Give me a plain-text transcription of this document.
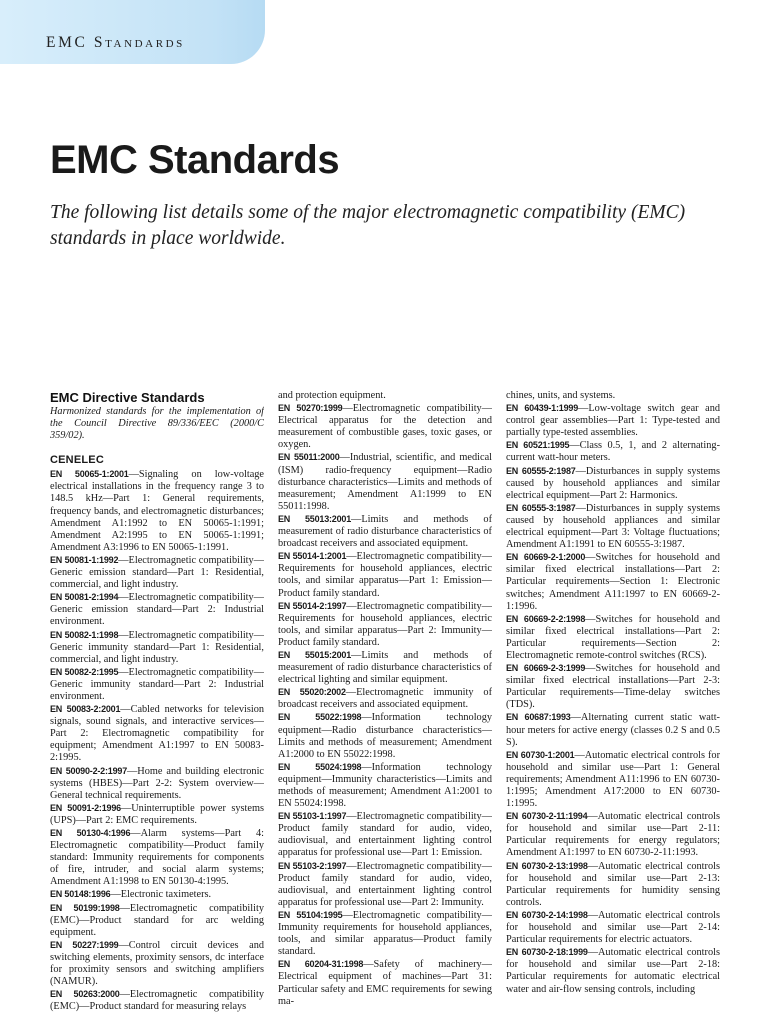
EMC Standards
EMC Standards

The following list details some of the major electromagnetic compatibility (EMC) standards in place worldwide.

EMC Directive Standards
Harmonized standards for the implementation of the Council Directive 89/336/EEC (2000/C 359/02).
CENELEC

EN 50065-1:2001—Signaling on low-voltage electrical installations in the frequency range 3 to 148.5 kHz—Part 1: General requirements, frequency bands, and electromagnetic disturbances; Amendment A1:1992 to EN 50065-1:1991; Amendment A2:1995 to EN 50065-1:1991; Amendment A3:1996 to EN 50065-1:1991.

EN 50081-1:1992—Electromagnetic compatibility—Generic emission standard—Part 1: Residential, commercial, and light industry.

EN 50081-2:1994—Electromagnetic compatibility—Generic emission standard—Part 2: Industrial environment.

EN 50082-1:1998—Electromagnetic compatibility—Generic immunity standard—Part 1: Residential, commercial, and light industry.

EN 50082-2:1995—Electromagnetic compatibility—Generic immunity standard—Part 2: Industrial environment.

EN 50083-2:2001—Cabled networks for television signals, sound signals, and interactive services—Part 2: Electromagnetic compatibility for equipment; Amendment A1:1997 to EN 50083-2:1995.

EN 50090-2-2:1997—Home and building electronic systems (HBES)—Part 2-2: System overview—General technical requirements.

EN 50091-2:1996—Uninterruptible power systems (UPS)—Part 2: EMC requirements.

EN 50130-4:1996—Alarm systems—Part 4: Electromagnetic compatibility—Product family standard: Immunity requirements for components of fire, intruder, and social alarm systems; Amendment A1:1998 to EN 50130-4:1995.

EN 50148:1996—Electronic taximeters.

EN 50199:1998—Electromagnetic compatibility (EMC)—Product standard for arc welding equipment.

EN 50227:1999—Control circuit devices and switching elements, proximity sensors, dc interface for proximity sensors and switching amplifiers (NAMUR).

EN 50263:2000—Electromagnetic compatibility (EMC)—Product standard for measuring relays

and protection equipment.

EN 50270:1999—Electromagnetic compatibility—Electrical apparatus for the detection and measurement of combustible gases, toxic gases, or oxygen.

EN 55011:2000—Industrial, scientific, and medical (ISM) radio-frequency equipment—Radio disturbance characteristics—Limits and methods of measurement; Amendment A1:1999 to EN 55011:1998.

EN 55013:2001—Limits and methods of measurement of radio disturbance characteristics of broadcast receivers and associated equipment.

EN 55014-1:2001—Electromagnetic compatibility—Requirements for household appliances, electric tools, and similar apparatus—Part 1: Emission—Product family standard.

EN 55014-2:1997—Electromagnetic compatibility—Requirements for household appliances, electric tools, and similar apparatus—Part 2: Immunity—Product family standard.

EN 55015:2001—Limits and methods of measurement of radio disturbance characteristics of electrical lighting and similar equipment.

EN 55020:2002—Electromagnetic immunity of broadcast receivers and associated equipment.

EN 55022:1998—Information technology equipment—Radio disturbance characteristics—Limits and methods of measurement; Amendment A1:2000 to EN 55022:1998.

EN 55024:1998—Information technology equipment—Immunity characteristics—Limits and methods of measurement; Amendment A1:2001 to EN 55024:1998.

EN 55103-1:1997—Electromagnetic compatibility—Product family standard for audio, video, audiovisual, and entertainment lighting control apparatus for professional use—Part 1: Emission.

EN 55103-2:1997—Electromagnetic compatibility—Product family standard for audio, video, audiovisual, and entertainment lighting control apparatus for professional use—Part 2: Immunity.

EN 55104:1995—Electromagnetic compatibility—Immunity requirements for household appliances, tools, and similar apparatus—Product family standard.

EN 60204-31:1998—Safety of machinery—Electrical equipment of machines—Part 31: Particular safety and EMC requirements for sewing ma-

chines, units, and systems.

EN 60439-1:1999—Low-voltage switch gear and control gear assemblies—Part 1: Type-tested and partially type-tested assemblies.

EN 60521:1995—Class 0.5, 1, and 2 alternating-current watt-hour meters.

EN 60555-2:1987—Disturbances in supply systems caused by household appliances and similar electrical equipment—Part 2: Harmonics.

EN 60555-3:1987—Disturbances in supply systems caused by household appliances and similar electrical equipment—Part 3: Voltage fluctuations; Amendment A1:1991 to EN 60555-3:1987.

EN 60669-2-1:2000—Switches for household and similar fixed electrical installations—Part 2: Particular requirements—Section 1: Electronic switches; Amendment A11:1997 to EN 60669-2-1:1996.

EN 60669-2-2:1998—Switches for household and similar fixed electrical installations—Part 2: Particular requirements—Section 2: Electromagnetic remote-control switches (RCS).

EN 60669-2-3:1999—Switches for household and similar fixed electrical installations—Part 2-3: Particular requirements—Time-delay switches (TDS).

EN 60687:1993—Alternating current static watt-hour meters for active energy (classes 0.2 S and 0.5 S).

EN 60730-1:2001—Automatic electrical controls for household and similar use—Part 1: General requirements; Amendment A11:1996 to EN 60730-1:1995; Amendment A17:2000 to EN 60730-1:1995.

EN 60730-2-11:1994—Automatic electrical controls for household and similar use—Part 2-11: Particular requirements for energy regulators; Amendment A1:1997 to EN 60730-2-11:1993.

EN 60730-2-13:1998—Automatic electrical controls for household and similar use—Part 2-13: Particular requirements for humidity sensing controls.

EN 60730-2-14:1998—Automatic electrical controls for household and similar use—Part 2-14: Particular requirements for electric actuators.

EN 60730-2-18:1999—Automatic electrical controls for household and similar use—Part 2-18: Particular requirements for automatic electrical water and air-flow sensing controls, including
